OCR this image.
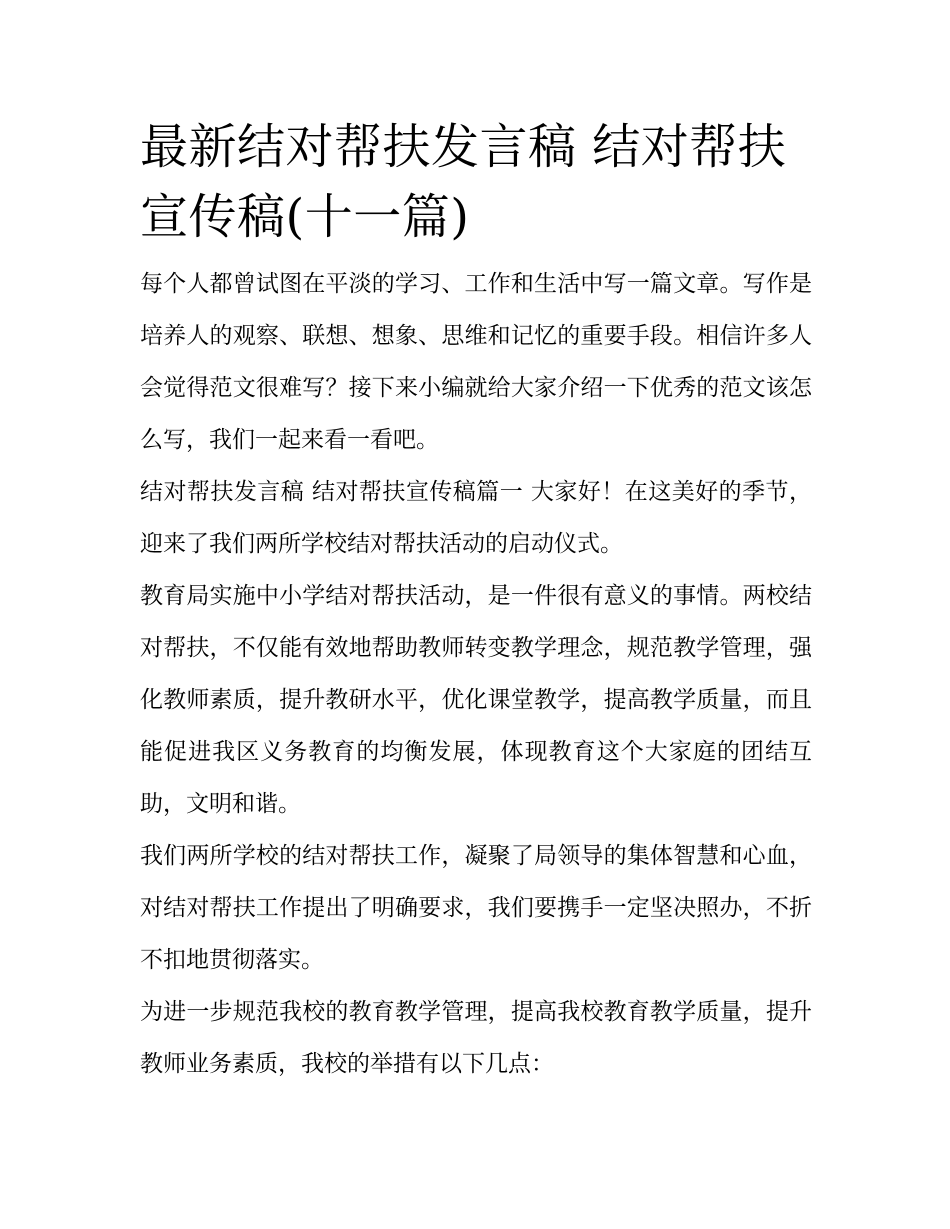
最新结对帮扶发言稿 结对帮扶宣传稿(十一篇)

每个人都曾试图在平淡的学习、工作和生活中写一篇文章。写作是培养人的观察、联想、想象、思维和记忆的重要手段。相信许多人会觉得范文很难写？接下来小编就给大家介绍一下优秀的范文该怎么写，我们一起来看一看吧。

结对帮扶发言稿 结对帮扶宣传稿篇一 大家好！在这美好的季节，迎来了我们两所学校结对帮扶活动的启动仪式。

教育局实施中小学结对帮扶活动，是一件很有意义的事情。两校结对帮扶，不仅能有效地帮助教师转变教学理念，规范教学管理，强化教师素质，提升教研水平，优化课堂教学，提高教学质量，而且能促进我区义务教育的均衡发展，体现教育这个大家庭的团结互助，文明和谐。

我们两所学校的结对帮扶工作，凝聚了局领导的集体智慧和心血，对结对帮扶工作提出了明确要求，我们要携手一定坚决照办，不折不扣地贯彻落实。

为进一步规范我校的教育教学管理，提高我校教育教学质量，提升教师业务素质，我校的举措有以下几点：
